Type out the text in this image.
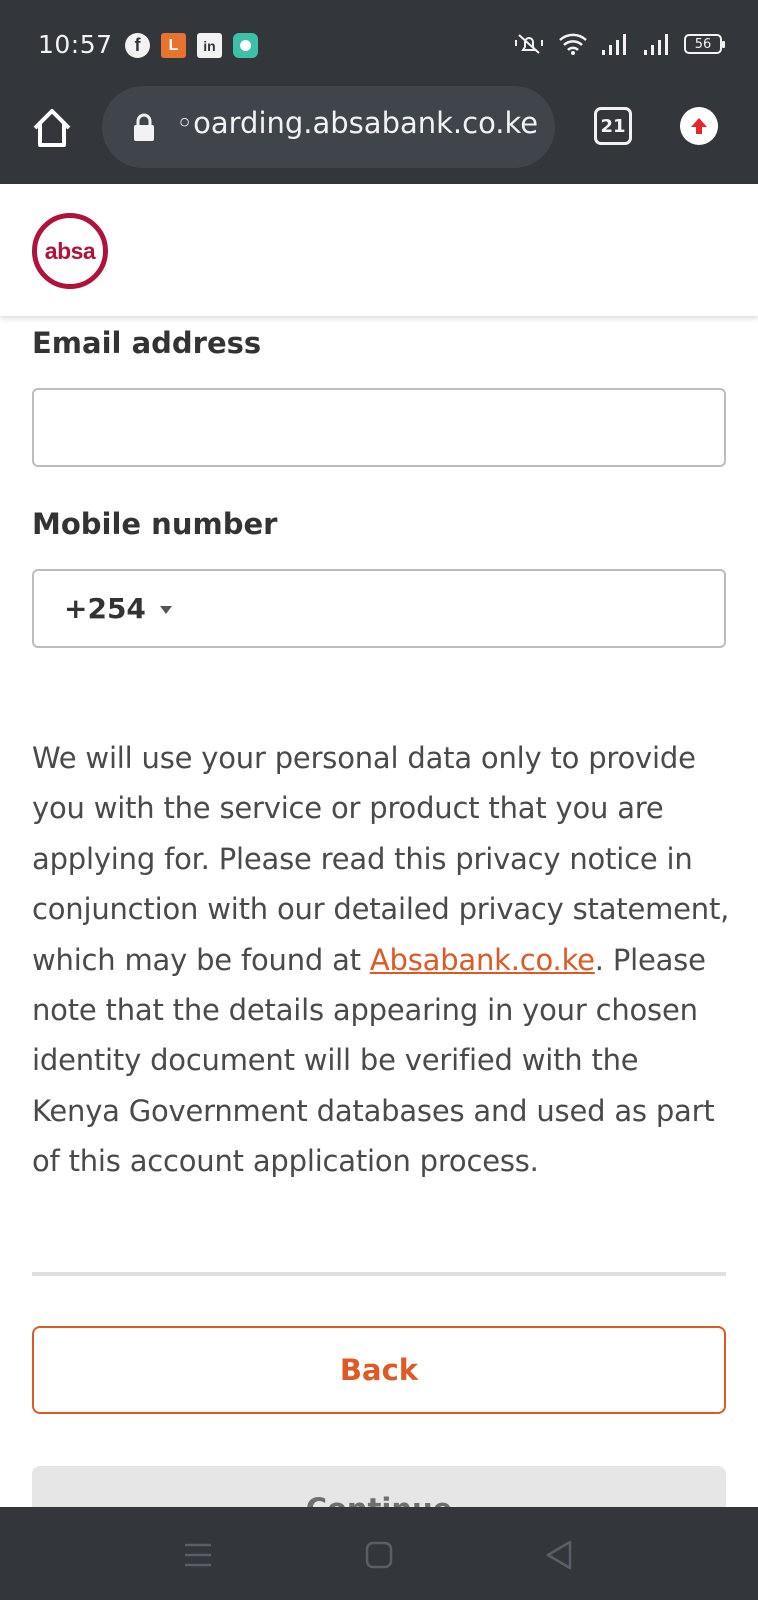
10:57	f	L	in	56
◦oarding.absabank.co.ke	21
absa
Email address
Mobile number
+254
We will use your personal data only to provide you with the service or product that you are applying for. Please read this privacy notice in conjunction with our detailed privacy statement, which may be found at Absabank.co.ke. Please note that the details appearing in your chosen identity document will be verified with the Kenya Government databases and used as part of this account application process.
Back
